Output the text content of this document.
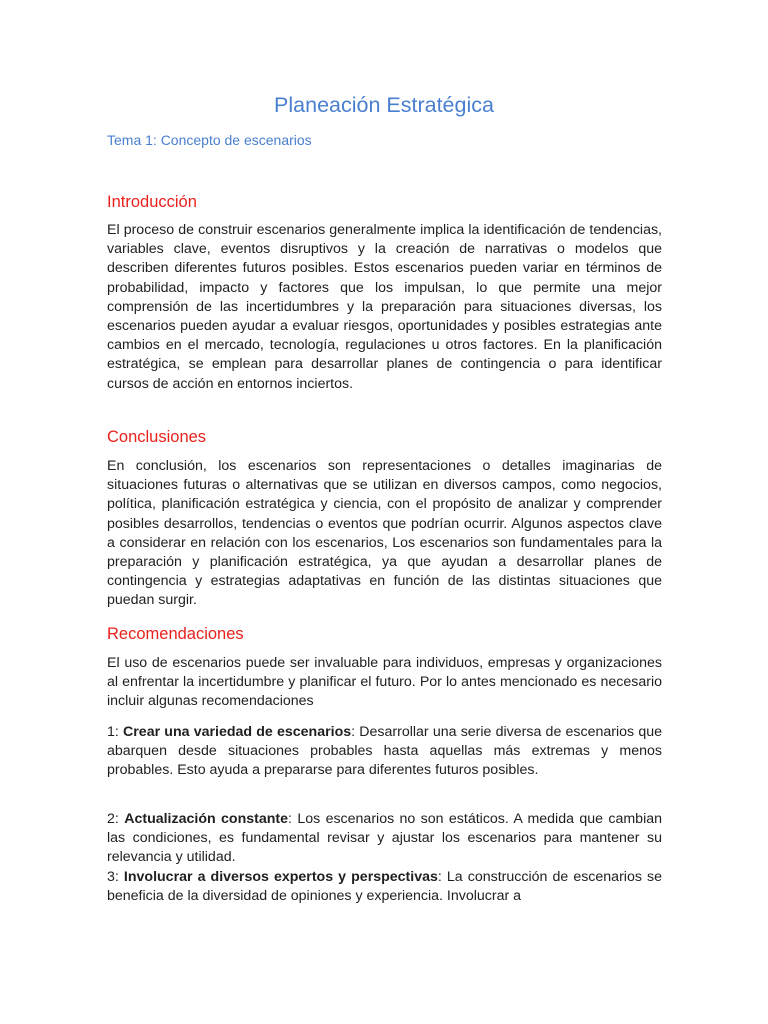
Planeación Estratégica

Tema 1: Concepto de escenarios

Introducción

El proceso de construir escenarios generalmente implica la identificación de tendencias, variables clave, eventos disruptivos y la creación de narrativas o modelos que describen diferentes futuros posibles. Estos escenarios pueden variar en términos de probabilidad, impacto y factores que los impulsan, lo que permite una mejor comprensión de las incertidumbres y la preparación para situaciones diversas, los escenarios pueden ayudar a evaluar riesgos, oportunidades y posibles estrategias ante cambios en el mercado, tecnología, regulaciones u otros factores. En la planificación estratégica, se emplean para desarrollar planes de contingencia o para identificar cursos de acción en entornos inciertos.

Conclusiones

En conclusión, los escenarios son representaciones o detalles imaginarias de situaciones futuras o alternativas que se utilizan en diversos campos, como negocios, política, planificación estratégica y ciencia, con el propósito de analizar y comprender posibles desarrollos, tendencias o eventos que podrían ocurrir. Algunos aspectos clave a considerar en relación con los escenarios, Los escenarios son fundamentales para la preparación y planificación estratégica, ya que ayudan a desarrollar planes de contingencia y estrategias adaptativas en función de las distintas situaciones que puedan surgir.

Recomendaciones

El uso de escenarios puede ser invaluable para individuos, empresas y organizaciones al enfrentar la incertidumbre y planificar el futuro. Por lo antes mencionado es necesario incluir algunas recomendaciones

1: Crear una variedad de escenarios: Desarrollar una serie diversa de escenarios que abarquen desde situaciones probables hasta aquellas más extremas y menos probables. Esto ayuda a prepararse para diferentes futuros posibles.

2: Actualización constante: Los escenarios no son estáticos. A medida que cambian las condiciones, es fundamental revisar y ajustar los escenarios para mantener su relevancia y utilidad.

3: Involucrar a diversos expertos y perspectivas: La construcción de escenarios se beneficia de la diversidad de opiniones y experiencia. Involucrar a
